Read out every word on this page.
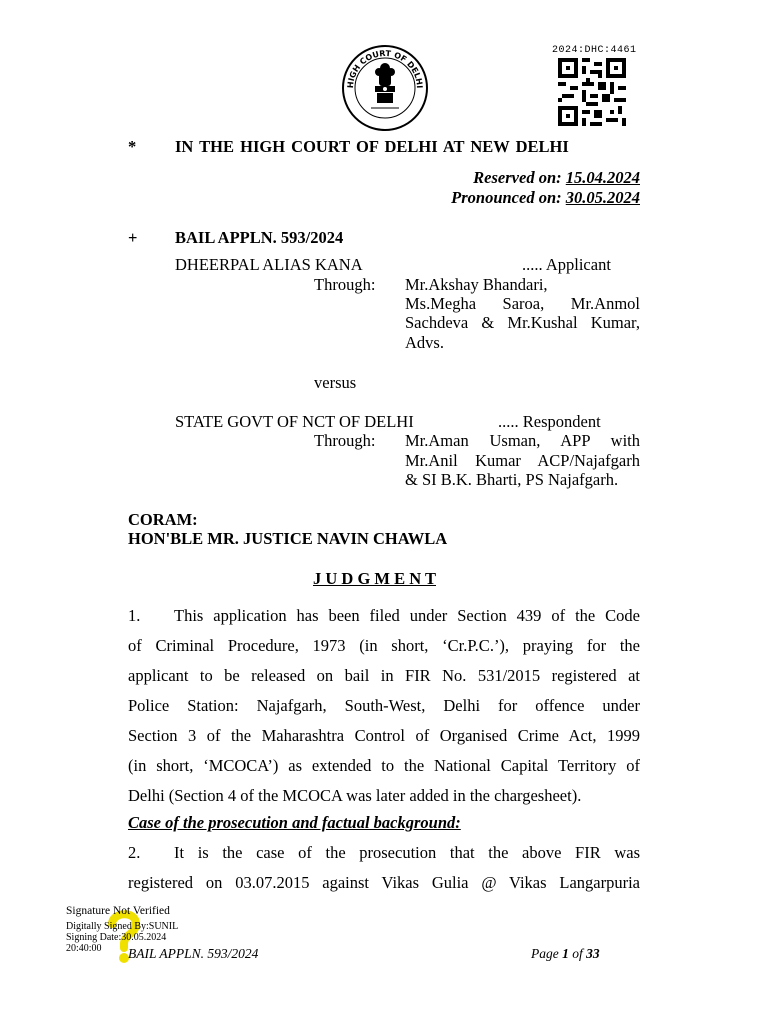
HIGH COURT OF DELHI
2024:DHC:4461
* IN THE HIGH COURT OF DELHI AT NEW DELHI
Reserved on: 15.04.2024
Pronounced on: 30.05.2024
+ BAIL APPLN. 593/2024
DHEERPAL ALIAS KANA	..... Applicant
Through: Mr.Akshay Bhandari,
Ms.Megha Saroa, Mr.Anmol
Sachdeva & Mr.Kushal Kumar,
Advs.
versus
STATE GOVT OF NCT OF DELHI	..... Respondent
Through: Mr.Aman Usman, APP with
Mr.Anil Kumar ACP/Najafgarh
& SI B.K. Bharti, PS Najafgarh.
CORAM:
HON'BLE MR. JUSTICE NAVIN CHAWLA
J U D G M E N T
1.	This application has been filed under Section 439 of the Code
of Criminal Procedure, 1973 (in short, ‘Cr.P.C.’), praying for the
applicant to be released on bail in FIR No. 531/2015 registered at
Police Station: Najafgarh, South-West, Delhi for offence under
Section 3 of the Maharashtra Control of Organised Crime Act, 1999
(in short, ‘MCOCA’) as extended to the National Capital Territory of
Delhi (Section 4 of the MCOCA was later added in the chargesheet).
Case of the prosecution and factual background:
2.	It is the case of the prosecution that the above FIR was
registered on 03.07.2015 against Vikas Gulia @ Vikas Langarpuria
Signature Not Verified
Digitally Signed By:SUNIL
Signing Date:30.05.2024
20:40:00	BAIL APPLN. 593/2024	Page 1 of 33
